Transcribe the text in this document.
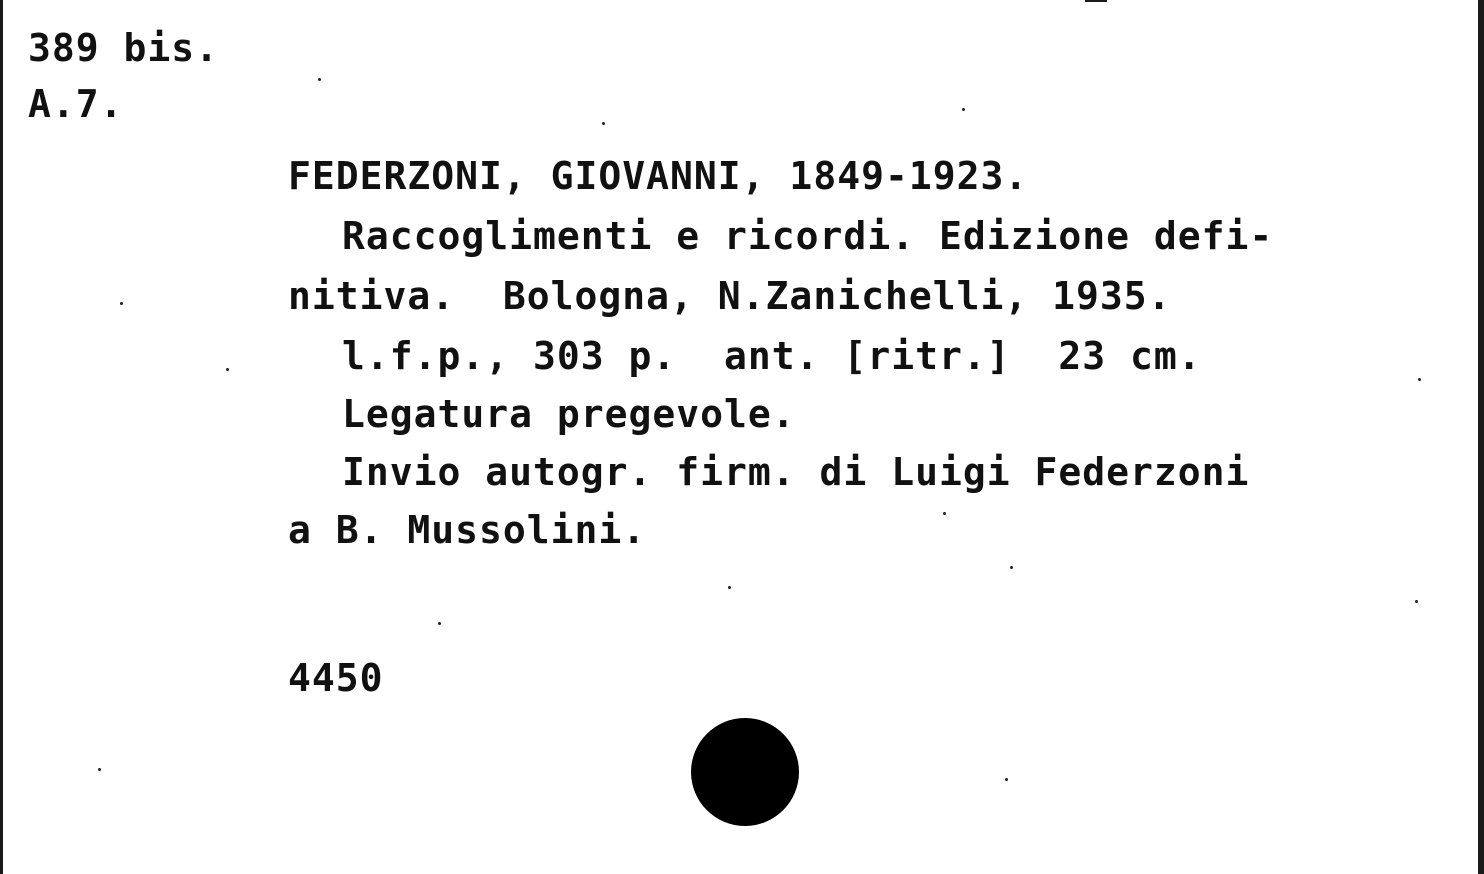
389 bis.
A.7.
FEDERZONI, GIOVANNI, 1849-1923.
Raccoglimenti e ricordi. Edizione defi-
nitiva.  Bologna, N.Zanichelli, 1935.
l.f.p., 303 p.  ant. [ritr.]  23 cm.
Legatura pregevole.
Invio autogr. firm. di Luigi Federzoni
a B. Mussolini.
4450
